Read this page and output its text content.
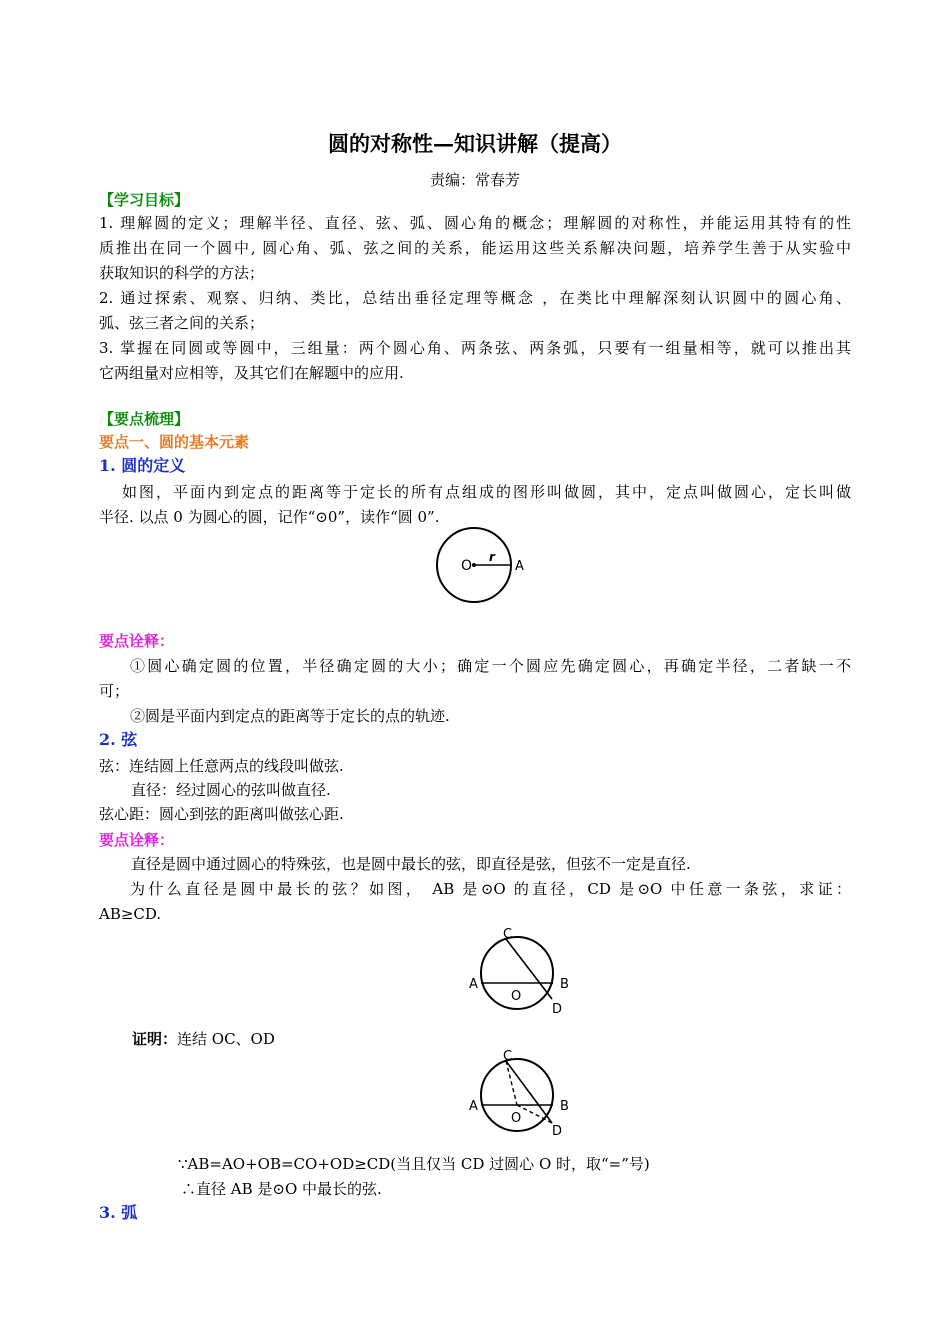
圆的对称性—知识讲解（提高）
责编：常春芳
【学习目标】
1. 理解圆的定义；理解半径、直径、弦、弧、圆心角的概念；理解圆的对称性，并能运用其特有的性
质推出在同一个圆中, 圆心角、弧、弦之间的关系，能运用这些关系解决问题，培养学生善于从实验中
获取知识的科学的方法；
2. 通过探索、观察、归纳、类比，总结出垂径定理等概念 ，在类比中理解深刻认识圆中的圆心角、
弧、弦三者之间的关系；
3. 掌握在同圆或等圆中，三组量：两个圆心角、两条弦、两条弧，只要有一组量相等，就可以推出其
它两组量对应相等，及其它们在解题中的应用.
【要点梳理】
要点一、圆的基本元素
1. 圆的定义
如图，平面内到定点的距离等于定长的所有点组成的图形叫做圆，其中，定点叫做圆心，定长叫做
半径. 以点 0 为圆心的圆，记作“⊙0”，读作“圆 0”.
O
r
A
要点诠释：
①圆心确定圆的位置，半径确定圆的大小；确定一个圆应先确定圆心，再确定半径，二者缺一不
可；
②圆是平面内到定点的距离等于定长的点的轨迹.
2. 弦
弦：连结圆上任意两点的线段叫做弦.
直径：经过圆心的弦叫做直径.
弦心距：圆心到弦的距离叫做弦心距.
要点诠释：
直径是圆中通过圆心的特殊弦，也是圆中最长的弦，即直径是弦，但弦不一定是直径.
为什么直径是圆中最长的弦？如图， AB 是⊙O 的直径，CD 是⊙O 中任意一条弦，求证：
AB≥CD.
C
A	B
O
D
证明：连结 OC、OD
C
A	B
O
D
∵AB=AO+OB=CO+OD≥CD(当且仅当 CD 过圆心 O 时，取“=”号)
∴直径 AB 是⊙O 中最长的弦.
3. 弧
